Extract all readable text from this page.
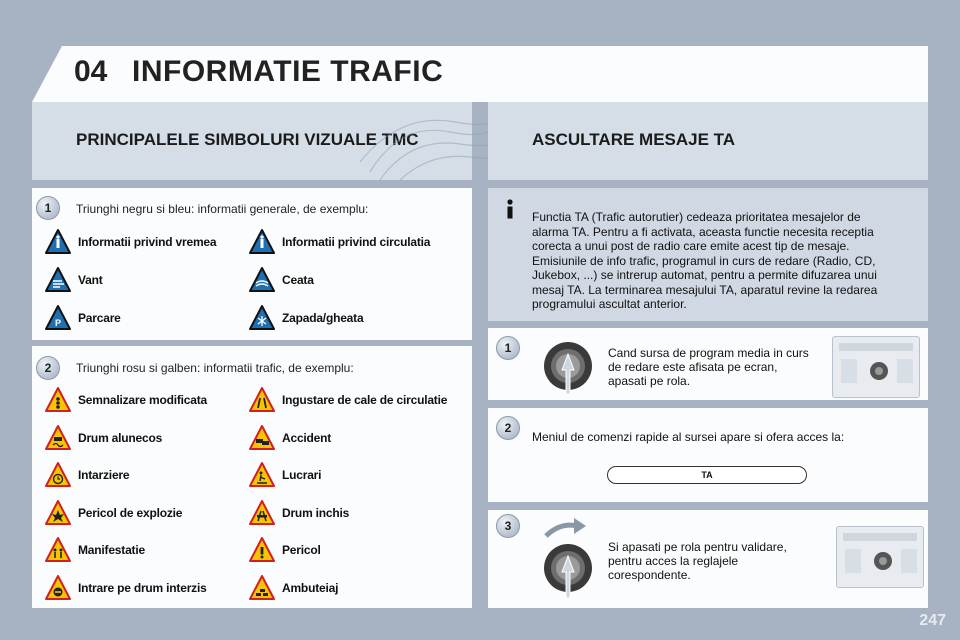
04 INFORMATIE TRAFIC
PRINCIPALELE SIMBOLURI VIZUALE TMC	ASCULTARE MESAJE TA
1	Triunghi negru si bleu: informatii generale, de exemplu:
Informatii privind vremea	Informatii privind circulatia
Vant	Ceata
P Parcare	Zapada/gheata
2	Triunghi rosu si galben: informatii trafic, de exemplu:
Semnalizare modificata	Ingustare de cale de circulatie
Drum alunecos	Accident
Intarziere	Lucrari
Pericol de explozie	Drum inchis
Manifestatie	Pericol
Intrare pe drum interzis	Ambuteiaj
Functia TA (Trafic autorutier) cedeaza prioritatea mesajelor de alarma TA. Pentru a fi activata, aceasta functie necesita receptia corecta a unui post de radio care emite acest tip de mesaje. Emisiunile de info trafic, programul in curs de redare (Radio, CD, Jukebox, ...) se intrerup automat, pentru a permite difuzarea unui mesaj TA. La terminarea mesajului TA, aparatul revine la redarea programului ascultat anterior.
1	Cand sursa de program media in curs de redare este afisata pe ecran, apasati pe rola.
2
Meniul de comenzi rapide al sursei apare si ofera acces la:
TA
3
Si apasati pe rola pentru validare, pentru acces la reglajele corespondente.
247
